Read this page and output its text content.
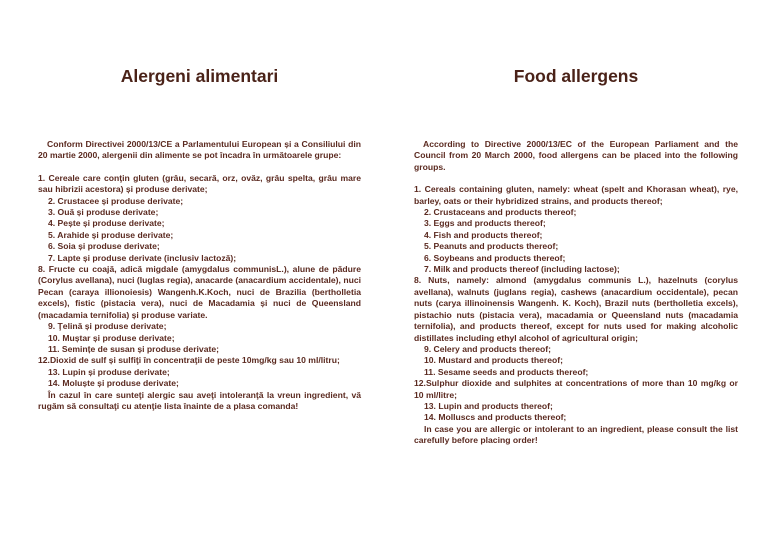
Alergeni alimentari

Conform Directivei 2000/13/CE a Parlamentului European și a Consiliului din 20 martie 2000, alergenii din alimente se pot încadra în următoarele grupe:

1. Cereale care conţin gluten (grâu, secară, orz, ovăz, grâu spelta, grâu mare sau hibrizii acestora) și produse derivate;
2. Crustacee și produse derivate;
3. Ouă și produse derivate;
4. Pește și produse derivate;
5. Arahide și produse derivate;
6. Soia și produse derivate;
7. Lapte și produse derivate (inclusiv lactoză);
8. Fructe cu coajă, adică migdale (amygdalus communisL.), alune de pădure (Corylus avellana), nuci (Iuglas regia), anacarde (anacardium accidentale), nuci Pecan (caraya illionoiesis) Wangenh.K.Koch, nuci de Brazilia (bertholletia excels), fistic (pistacia vera), nuci de Macadamia și nuci de Queensland (macadamia ternifolia) și produse variate.
9. Ţelină și produse derivate;
10. Muștar și produse derivate;
11. Semințe de susan și produse derivate;
12.Dioxid de sulf și sulfiţi în concentraţii de peste 10mg/kg sau 10 ml/litru;
13. Lupin și produse derivate;
14. Moluște și produse derivate;

În cazul în care sunteţi alergic sau aveţi intoleranţă la vreun ingredient, vă rugăm să consultaţi cu atenţie lista înainte de a plasa comanda!

Food allergens

According to Directive 2000/13/EC of the European Parliament and the Council from 20 March 2000, food allergens can be placed into the following groups.

1. Cereals containing gluten, namely: wheat (spelt and Khorasan wheat), rye, barley, oats or their hybridized strains, and products thereof;
2. Crustaceans and products thereof;
3. Eggs and products thereof;
4. Fish and products thereof;
5. Peanuts and products thereof;
6. Soybeans and products thereof;
7. Milk and products thereof (including lactose);
8. Nuts, namely: almond (amygdalus communis L.), hazelnuts (corylus avellana), walnuts (juglans regia), cashews (anacardium occidentale), pecan nuts (carya illinoinensis Wangenh. K. Koch), Brazil nuts (bertholletia excels), pistachio nuts (pistacia vera), macadamia or Queensland nuts (macadamia ternifolia), and products thereof, except for nuts used for making alcoholic distillates including ethyl alcohol of agricultural origin;
9. Celery and products thereof;
10. Mustard and products thereof;
11. Sesame seeds and products thereof;
12.Sulphur dioxide and sulphites at concentrations of more than 10 mg/kg or 10 ml/litre;
13. Lupin and products thereof;
14. Molluscs and products thereof;

In case you are allergic or intolerant to an ingredient, please consult the list carefully before placing order!
